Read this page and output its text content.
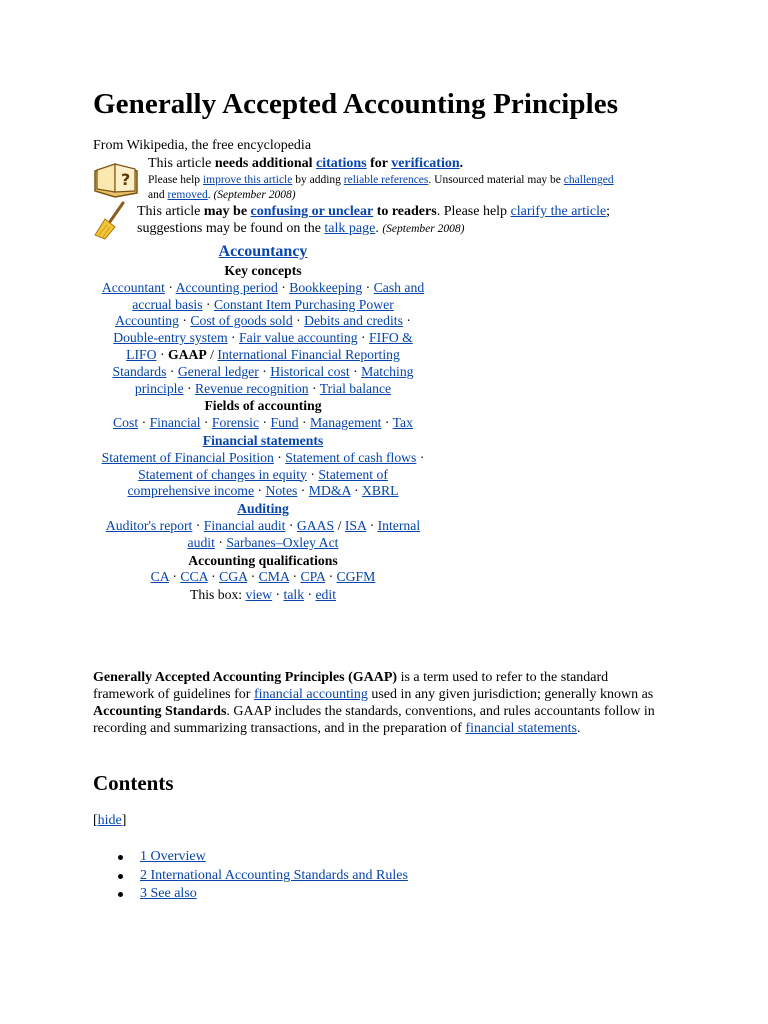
Generally Accepted Accounting Principles
From Wikipedia, the free encyclopedia
?
This article needs additional citations for verification.
Please help improve this article by adding reliable references. Unsourced material may be challenged
and removed. (September 2008)
This article may be confusing or unclear to readers. Please help clarify the article; suggestions may be found on the talk page. (September 2008)
Accountancy
Key concepts

Accountant · Accounting period · Bookkeeping · Cash and accrual basis · Constant Item Purchasing Power Accounting · Cost of goods sold · Debits and credits · Double-entry system · Fair value accounting · FIFO & LIFO · GAAP / International Financial Reporting Standards · General ledger · Historical cost · Matching principle · Revenue recognition · Trial balance

Fields of accounting

Cost · Financial · Forensic · Fund · Management · Tax

Financial statements

Statement of Financial Position · Statement of cash flows · Statement of changes in equity · Statement of comprehensive income · Notes · MD&A · XBRL

Auditing

Auditor's report · Financial audit · GAAS / ISA · Internal audit · Sarbanes–Oxley Act

Accounting qualifications

CA · CCA · CGA · CMA · CPA · CGFM

This box: view · talk · edit

Generally Accepted Accounting Principles (GAAP) is a term used to refer to the standard framework of guidelines for financial accounting used in any given jurisdiction; generally known as Accounting Standards. GAAP includes the standards, conventions, and rules accountants follow in recording and summarizing transactions, and in the preparation of financial statements.
Contents
[hide]
1 Overview
2 International Accounting Standards and Rules
3 See also
